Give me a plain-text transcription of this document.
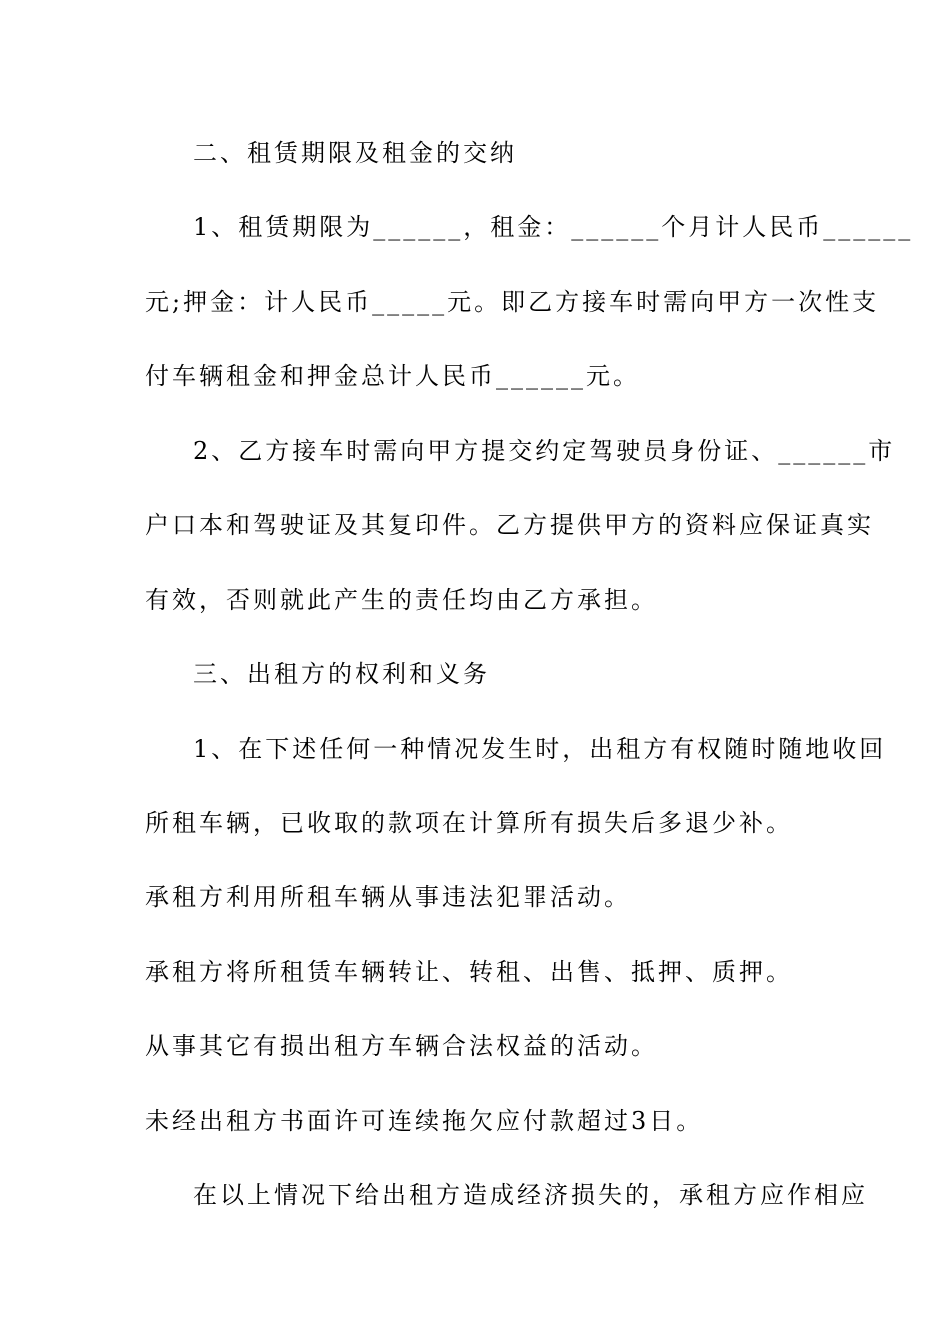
二、租赁期限及租金的交纳

1、租赁期限为______，租金：______个月计人民币______

元;押金：计人民币_____元。即乙方接车时需向甲方一次性支

付车辆租金和押金总计人民币______元。

2、乙方接车时需向甲方提交约定驾驶员身份证、______市

户口本和驾驶证及其复印件。乙方提供甲方的资料应保证真实

有效，否则就此产生的责任均由乙方承担。

三、出租方的权利和义务

1、在下述任何一种情况发生时，出租方有权随时随地收回

所租车辆，已收取的款项在计算所有损失后多退少补。

承租方利用所租车辆从事违法犯罪活动。

承租方将所租赁车辆转让、转租、出售、抵押、质押。

从事其它有损出租方车辆合法权益的活动。

未经出租方书面许可连续拖欠应付款超过3日。

在以上情况下给出租方造成经济损失的，承租方应作相应
